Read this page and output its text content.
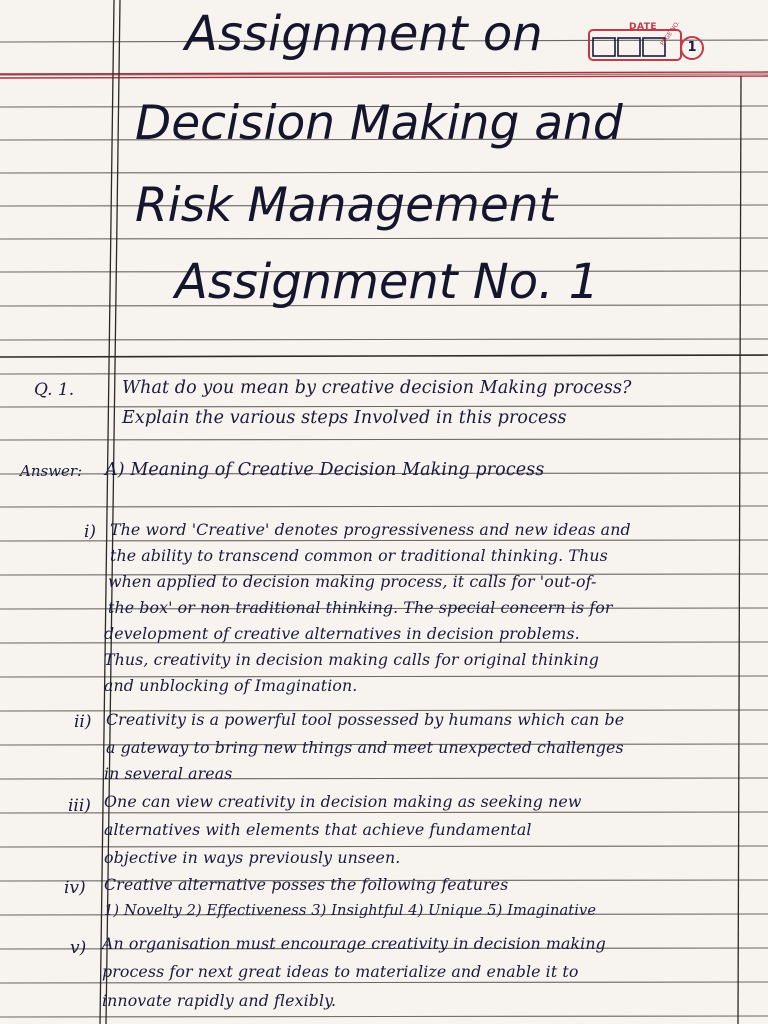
DATE PAGE NO.
1
Assignment on
Decision Making and
Risk Management
Assignment No. 1
Q. 1.	What do you mean by creative decision Making process?
Explain the various steps Involved in this process
Answer: A) Meaning of Creative Decision Making process
i) The word 'Creative' denotes progressiveness and new ideas and
the ability to transcend common or traditional thinking. Thus
when applied to decision making process, it calls for 'out-of-
the box' or non traditional thinking. The special concern is for
development of creative alternatives in decision problems.
Thus, creativity in decision making calls for original thinking
and unblocking of Imagination.
ii) Creativity is a powerful tool possessed by humans which can be
a gateway to bring new things and meet unexpected challenges
in several areas
iii) One can view creativity in decision making as seeking new
alternatives with elements that achieve fundamental
objective in ways previously unseen.
iv) Creative alternative posses the following features
1) Novelty 2) Effectiveness 3) Insightful 4) Unique 5) Imaginative
v) An organisation must encourage creativity in decision making
process for next great ideas to materialize and enable it to
innovate rapidly and flexibly.
